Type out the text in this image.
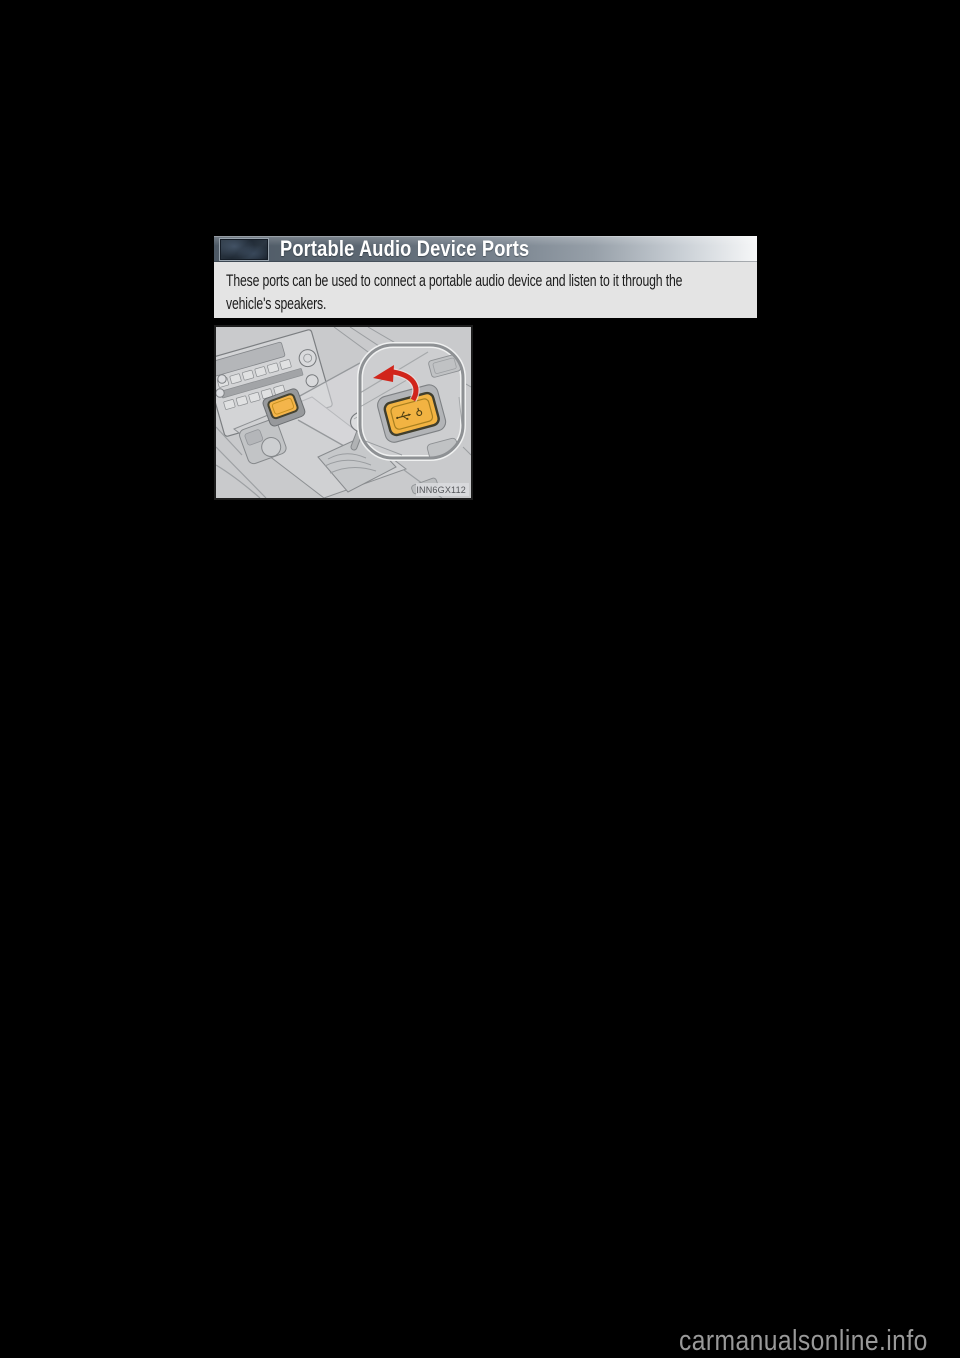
Portable Audio Device Ports
These ports can be used to connect a portable audio device and listen to it through the
vehicle's speakers.
INN6GX112
carmanualsonline.info
